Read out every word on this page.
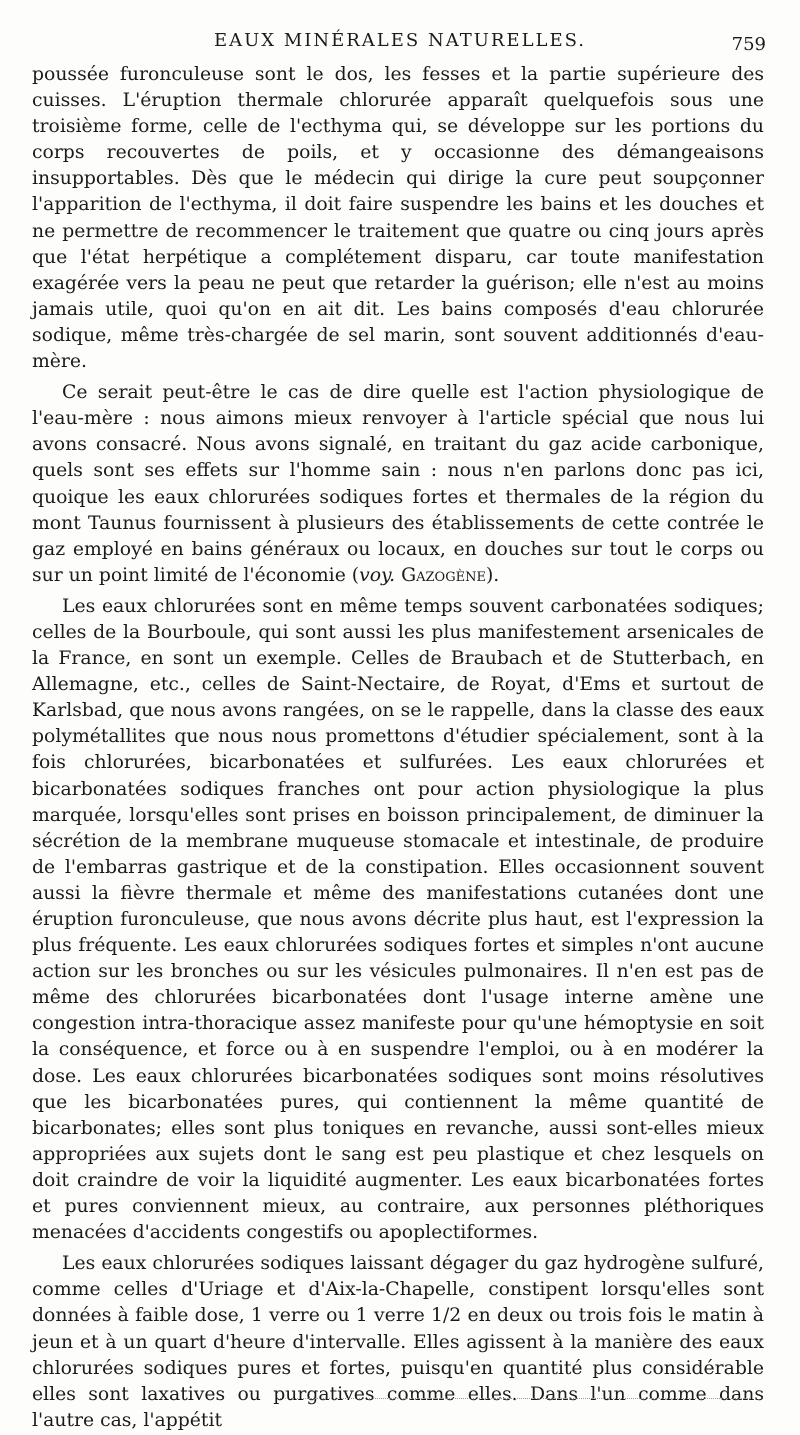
EAUX MINÉRALES NATURELLES.	759

poussée furonculeuse sont le dos, les fesses et la partie supérieure des cuisses. L'éruption thermale chlorurée apparaît quelquefois sous une troisième forme, celle de l'ecthyma qui, se développe sur les portions du corps recouvertes de poils, et y occasionne des démangeaisons insupportables. Dès que le médecin qui dirige la cure peut soupçonner l'apparition de l'ecthyma, il doit faire suspendre les bains et les douches et ne permettre de recommencer le traitement que quatre ou cinq jours après que l'état herpétique a complétement disparu, car toute manifestation exagérée vers la peau ne peut que retarder la guérison; elle n'est au moins jamais utile, quoi qu'on en ait dit. Les bains composés d'eau chlorurée sodique, même très-chargée de sel marin, sont souvent additionnés d'eau-mère.

Ce serait peut-être le cas de dire quelle est l'action physiologique de l'eau-mère : nous aimons mieux renvoyer à l'article spécial que nous lui avons consacré. Nous avons signalé, en traitant du gaz acide carbonique, quels sont ses effets sur l'homme sain : nous n'en parlons donc pas ici, quoique les eaux chlorurées sodiques fortes et thermales de la région du mont Taunus fournissent à plusieurs des établissements de cette contrée le gaz employé en bains généraux ou locaux, en douches sur tout le corps ou sur un point limité de l'économie (voy. Gazogène).

Les eaux chlorurées sont en même temps souvent carbonatées sodiques; celles de la Bourboule, qui sont aussi les plus manifestement arsenicales de la France, en sont un exemple. Celles de Braubach et de Stutterbach, en Allemagne, etc., celles de Saint-Nectaire, de Royat, d'Ems et surtout de Karlsbad, que nous avons rangées, on se le rappelle, dans la classe des eaux polymétallites que nous nous promettons d'étudier spécialement, sont à la fois chlorurées, bicarbonatées et sulfurées. Les eaux chlorurées et bicarbonatées sodiques franches ont pour action physiologique la plus marquée, lorsqu'elles sont prises en boisson principalement, de diminuer la sécrétion de la membrane muqueuse stomacale et intestinale, de produire de l'embarras gastrique et de la constipation. Elles occasionnent souvent aussi la fièvre thermale et même des manifestations cutanées dont une éruption furonculeuse, que nous avons décrite plus haut, est l'expression la plus fréquente. Les eaux chlorurées sodiques fortes et simples n'ont aucune action sur les bronches ou sur les vésicules pulmonaires. Il n'en est pas de même des chlorurées bicarbonatées dont l'usage interne amène une congestion intra-thoracique assez manifeste pour qu'une hémoptysie en soit la conséquence, et force ou à en suspendre l'emploi, ou à en modérer la dose. Les eaux chlorurées bicarbonatées sodiques sont moins résolutives que les bicarbonatées pures, qui contiennent la même quantité de bicarbonates; elles sont plus toniques en revanche, aussi sont-elles mieux appropriées aux sujets dont le sang est peu plastique et chez lesquels on doit craindre de voir la liquidité augmenter. Les eaux bicarbonatées fortes et pures conviennent mieux, au contraire, aux personnes pléthoriques menacées d'accidents congestifs ou apoplectiformes.

Les eaux chlorurées sodiques laissant dégager du gaz hydrogène sulfuré, comme celles d'Uriage et d'Aix-la-Chapelle, constipent lorsqu'elles sont données à faible dose, 1 verre ou 1 verre 1/2 en deux ou trois fois le matin à jeun et à un quart d'heure d'intervalle. Elles agissent à la manière des eaux chlorurées sodiques pures et fortes, puisqu'en quantité plus considérable elles sont laxatives ou purgatives comme elles. Dans l'un comme dans l'autre cas, l'appétit
